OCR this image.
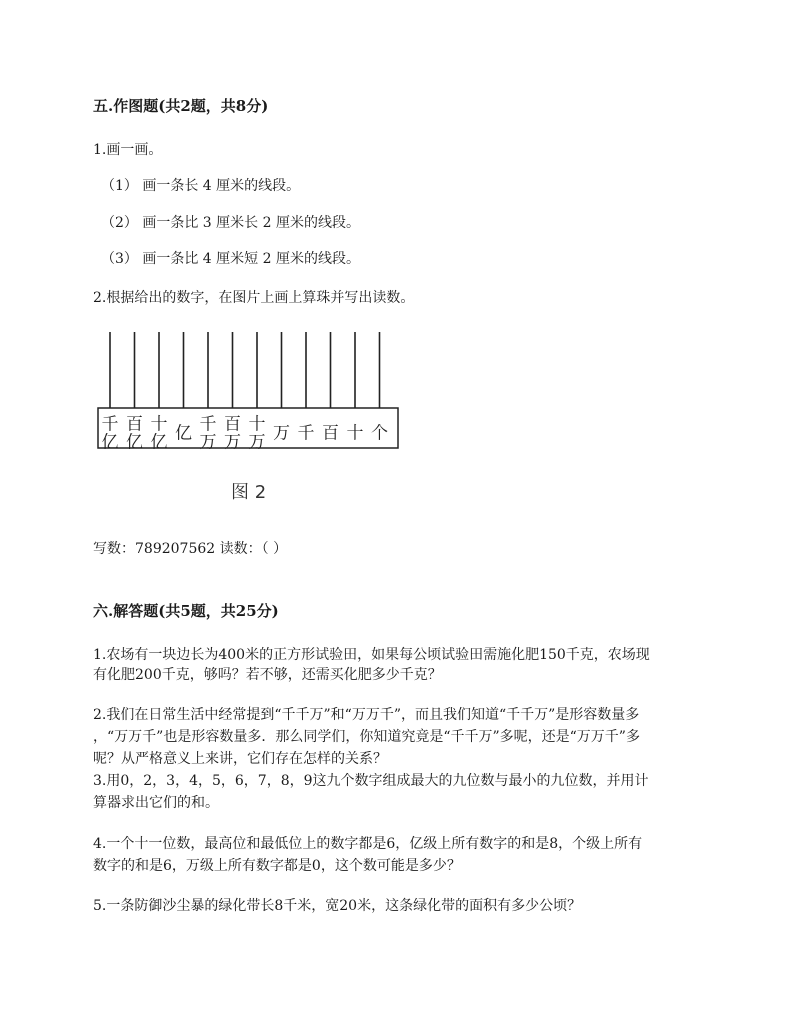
五.作图题(共2题，共8分)
1.画一画。
（1） 画一条长 4 厘米的线段。
（2） 画一条比 3 厘米长 2 厘米的线段。
（3） 画一条比 4 厘米短 2 厘米的线段。
2.根据给出的数字，在图片上画上算珠并写出读数。
千
亿
百
亿
十
亿 亿 千
万
百
万
十
万 万 千 百 十 个
图 2
写数：789207562 读数：（ ）
六.解答题(共5题，共25分)
1.农场有一块边长为400米的正方形试验田，如果每公顷试验田需施化肥150千克，农场现
有化肥200千克，够吗？若不够，还需买化肥多少千克？
2.我们在日常生活中经常提到“千千万”和“万万千”，而且我们知道“千千万”是形容数量多
，“万万千”也是形容数量多．那么同学们，你知道究竟是“千千万”多呢，还是“万万千”多
呢？从严格意义上来讲，它们存在怎样的关系？
3.用0，2，3，4，5，6，7，8，9这九个数字组成最大的九位数与最小的九位数，并用计
算器求出它们的和。
4.一个十一位数，最高位和最低位上的数字都是6，亿级上所有数字的和是8，个级上所有
数字的和是6，万级上所有数字都是0，这个数可能是多少？
5.一条防御沙尘暴的绿化带长8千米，宽20米，这条绿化带的面积有多少公顷？
